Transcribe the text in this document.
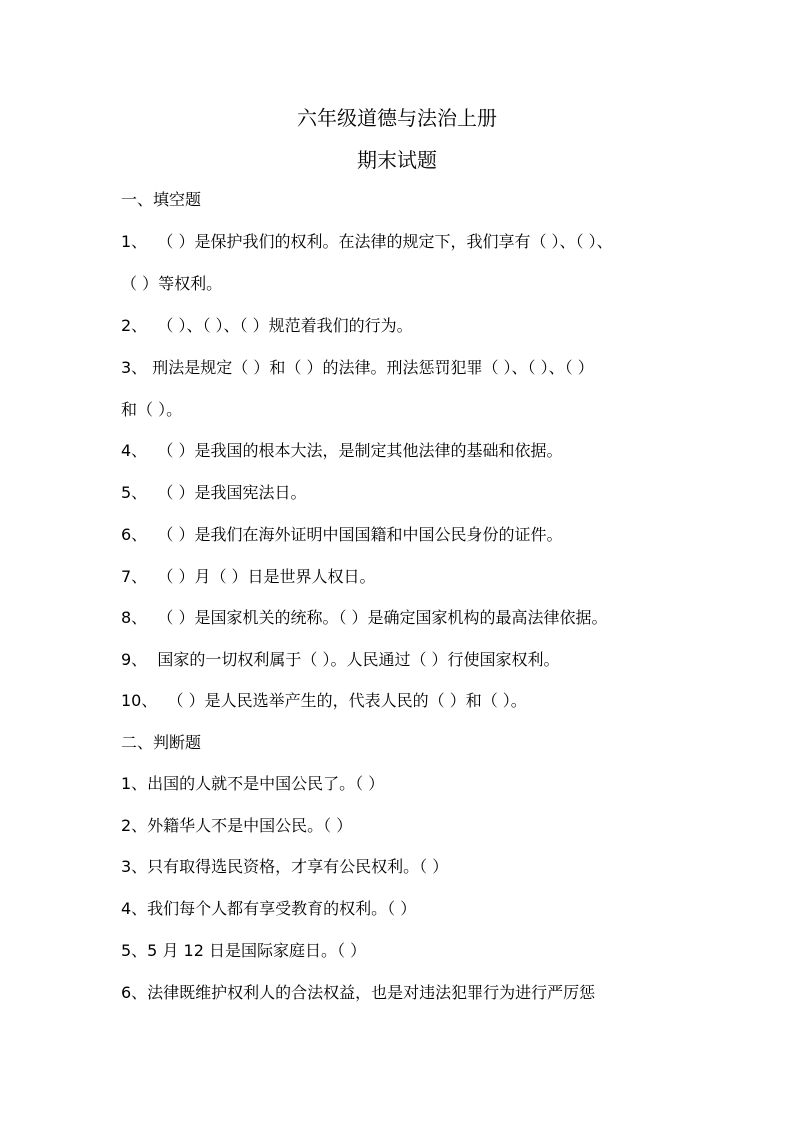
六年级道德与法治上册
期末试题
一、填空题
1、  （ ）是保护我们的权利。在法律的规定下，我们享有（ ）、（ ）、
（ ）等权利。
2、  （ ）、（ ）、（ ）规范着我们的行为。
3、 刑法是规定（ ）和（ ）的法律。刑法惩罚犯罪（ ）、（ ）、（ ）
和（ ）。
4、  （ ）是我国的根本大法，是制定其他法律的基础和依据。
5、  （ ）是我国宪法日。
6、  （ ）是我们在海外证明中国国籍和中国公民身份的证件。
7、  （ ）月（ ）日是世界人权日。
8、  （ ）是国家机关的统称。（ ）是确定国家机构的最高法律依据。
9、  国家的一切权利属于（ ）。人民通过（ ）行使国家权利。
10、  （ ）是人民选举产生的，代表人民的（ ）和（ ）。
二、判断题
1、出国的人就不是中国公民了。（ ）
2、外籍华人不是中国公民。（ ）
3、只有取得选民资格，才享有公民权利。（ ）
4、我们每个人都有享受教育的权利。（ ）
5、5 月 12 日是国际家庭日。（ ）
6、法律既维护权利人的合法权益，也是对违法犯罪行为进行严厉惩
